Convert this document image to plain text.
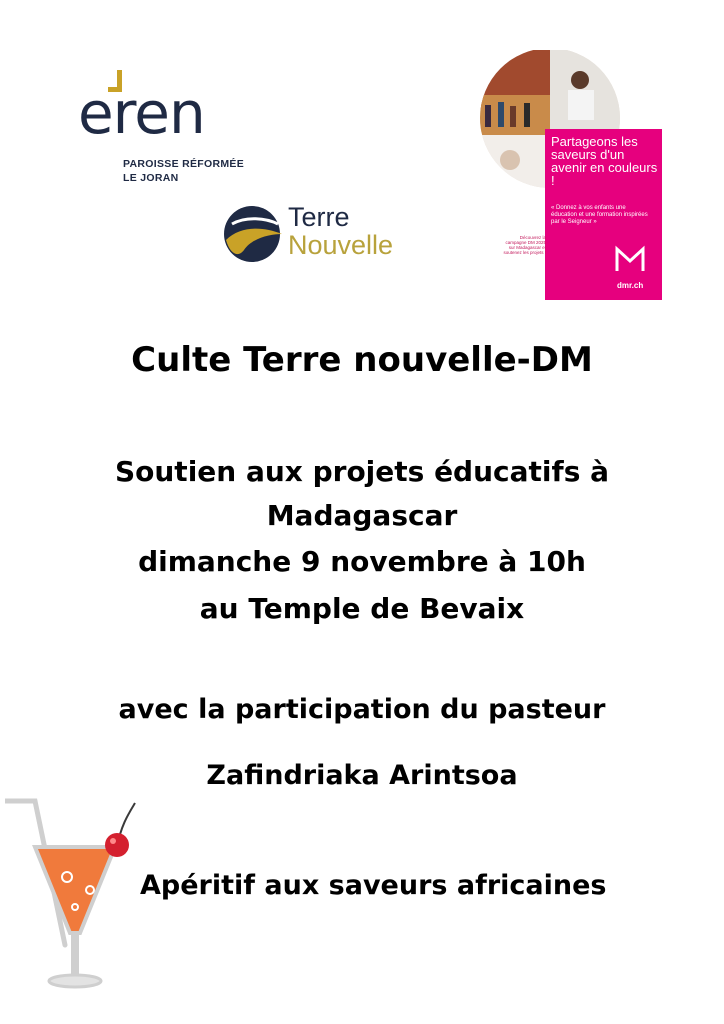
eren
PAROISSE RÉFORMÉE
LE JORAN
Terre
Nouvelle
Partageons les saveurs d'un avenir en couleurs !
« Donnez à vos enfants une éducation et une formation inspirées par le Seigneur »
dmr.ch
Découvrez la campagne DM 2025 sur Madagascar et soutenez les projets !
Culte Terre nouvelle-DM
Soutien aux projets éducatifs à
Madagascar
dimanche 9 novembre à 10h
au Temple de Bevaix
avec la participation du pasteur
Zafindriaka Arintsoa
Apéritif aux saveurs africaines
